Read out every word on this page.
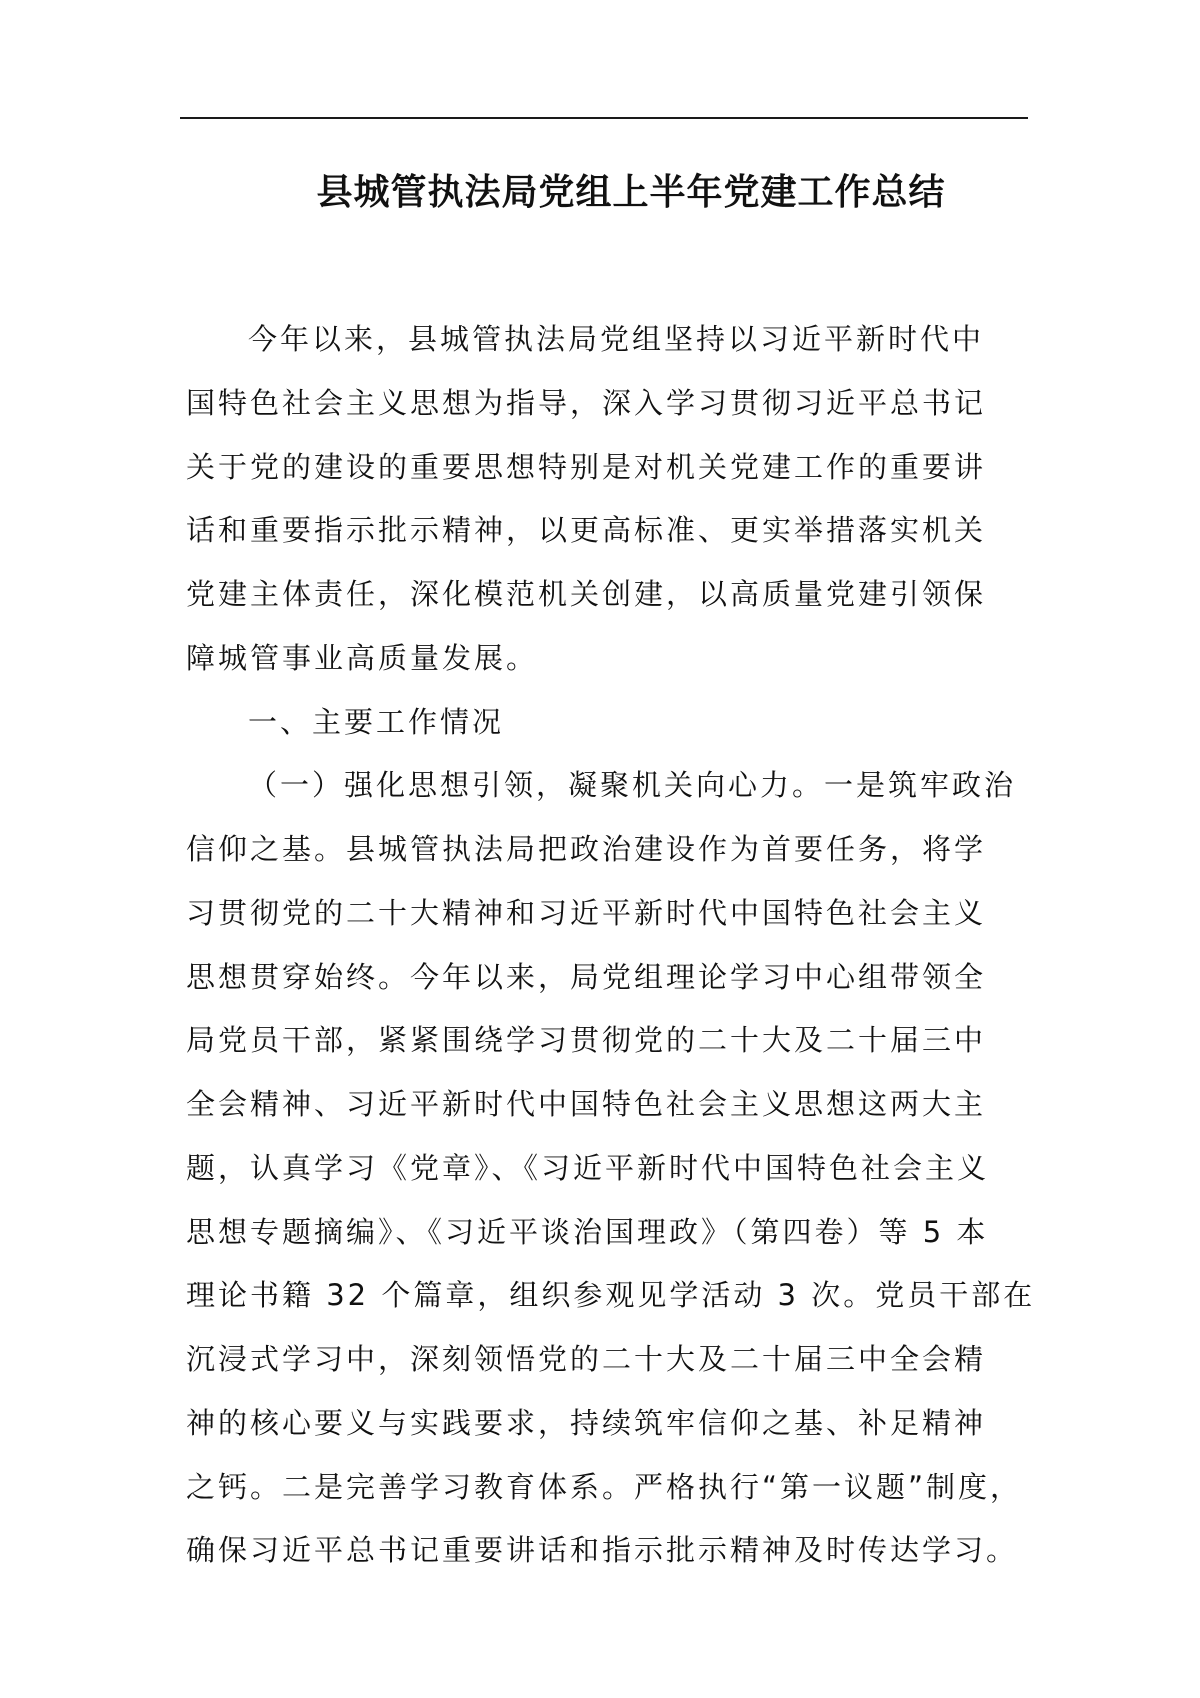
县城管执法局党组上半年党建工作总结
今年以来，县城管执法局党组坚持以习近平新时代中
国特色社会主义思想为指导，深入学习贯彻习近平总书记
关于党的建设的重要思想特别是对机关党建工作的重要讲
话和重要指示批示精神，以更高标准、更实举措落实机关
党建主体责任，深化模范机关创建，以高质量党建引领保
障城管事业高质量发展。
一、主要工作情况
（一）强化思想引领，凝聚机关向心力。一是筑牢政治
信仰之基。县城管执法局把政治建设作为首要任务，将学
习贯彻党的二十大精神和习近平新时代中国特色社会主义
思想贯穿始终。今年以来，局党组理论学习中心组带领全
局党员干部，紧紧围绕学习贯彻党的二十大及二十届三中
全会精神、习近平新时代中国特色社会主义思想这两大主
题，认真学习《党章》、《习近平新时代中国特色社会主义
思想专题摘编》、《习近平谈治国理政》（第四卷）等 5 本
理论书籍 32 个篇章，组织参观见学活动 3 次。党员干部在
沉浸式学习中，深刻领悟党的二十大及二十届三中全会精
神的核心要义与实践要求，持续筑牢信仰之基、补足精神
之钙。二是完善学习教育体系。严格执行“第一议题”制度，
确保习近平总书记重要讲话和指示批示精神及时传达学习。
